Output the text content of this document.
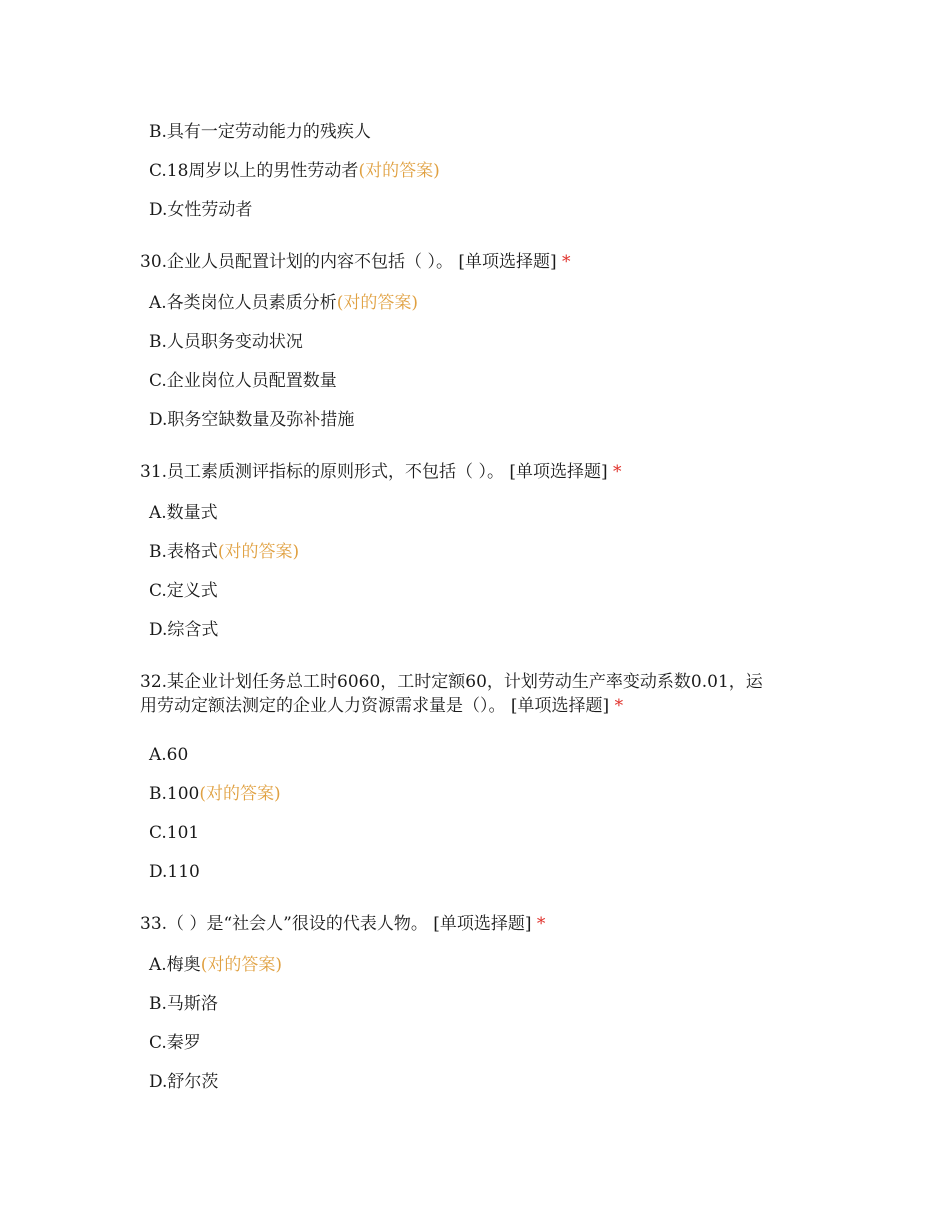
B.具有一定劳动能力的残疾人
C.18周岁以上的男性劳动者(对的答案)
D.女性劳动者
30.企业人员配置计划的内容不包括（ ）。 [单项选择题] *
A.各类岗位人员素质分析(对的答案)
B.人员职务变动状况
C.企业岗位人员配置数量
D.职务空缺数量及弥补措施
31.员工素质测评指标的原则形式，不包括（ ）。 [单项选择题] *
A.数量式
B.表格式(对的答案)
C.定义式
D.综含式
32.某企业计划任务总工时6060，工时定额60，计划劳动生产率变动系数0.01，运
用劳动定额法测定的企业人力资源需求量是（）。 [单项选择题] *
A.60
B.100(对的答案)
C.101
D.110
33.（ ）是“社会人”很设的代表人物。 [单项选择题] *
A.梅奥(对的答案)
B.马斯洛
C.秦罗
D.舒尔茨
